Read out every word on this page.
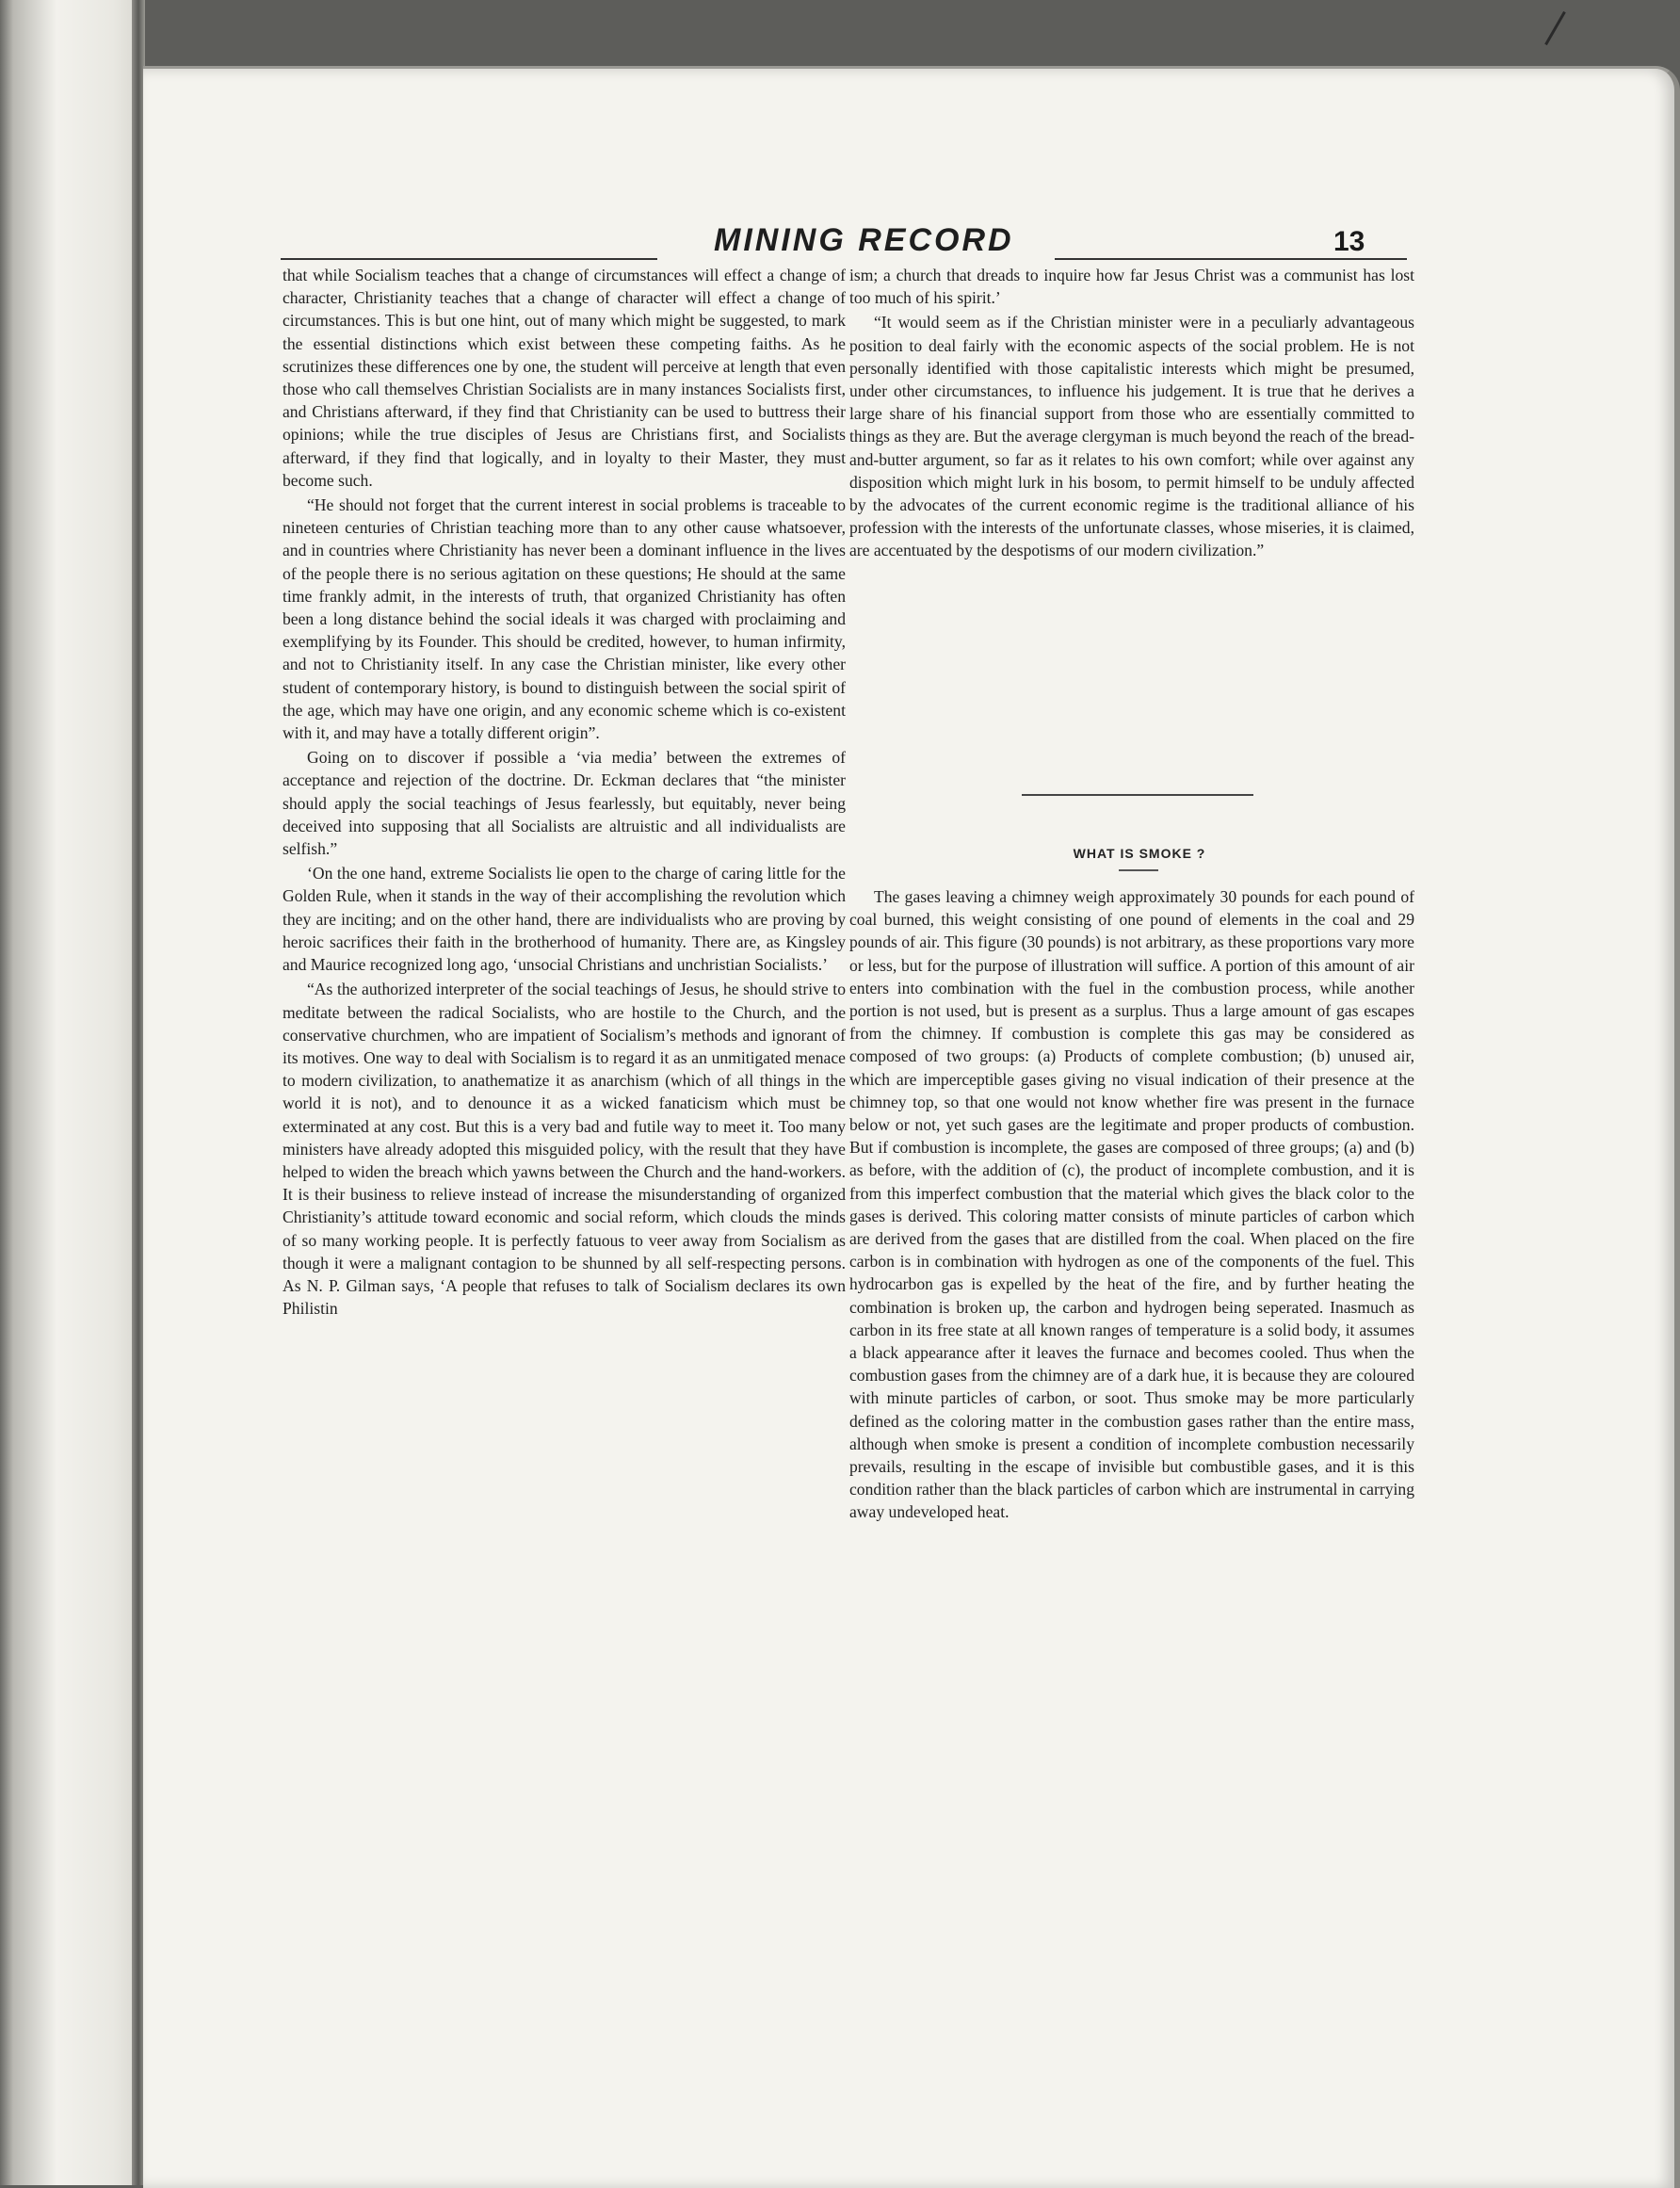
MINING RECORD	13

that while Socialism teaches that a change of circumstances will effect a change of character, Christianity teaches that a change of character will effect a change of circumstances. This is but one hint, out of many which might be suggested, to mark the essential distinctions which exist between these competing faiths. As he scrutinizes these differences one by one, the student will perceive at length that even those who call themselves Christian Socialists are in many instances Socialists first, and Christians afterward, if they find that Christianity can be used to buttress their opinions; while the true disciples of Jesus are Christians first, and Socialists afterward, if they find that logically, and in loyalty to their Master, they must become such.

“He should not forget that the current interest in social problems is traceable to nineteen centuries of Christian teaching more than to any other cause whatsoever, and in countries where Christianity has never been a dominant influence in the lives of the people there is no serious agitation on these questions; He should at the same time frankly admit, in the interests of truth, that organized Christianity has often been a long distance behind the social ideals it was charged with proclaiming and exemplifying by its Founder. This should be credited, however, to human infirmity, and not to Christianity itself. In any case the Christian minister, like every other student of contemporary history, is bound to distinguish between the social spirit of the age, which may have one origin, and any economic scheme which is co-existent with it, and may have a totally different origin”.

Going on to discover if possible a ‘via media’ between the extremes of acceptance and rejection of the doctrine. Dr. Eckman declares that “the minister should apply the social teachings of Jesus fearlessly, but equitably, never being deceived into supposing that all Socialists are altruistic and all individualists are selfish.”

‘On the one hand, extreme Socialists lie open to the charge of caring little for the Golden Rule, when it stands in the way of their accomplishing the revolution which they are inciting; and on the other hand, there are individualists who are proving by heroic sacrifices their faith in the brotherhood of humanity. There are, as Kingsley and Maurice recognized long ago, ‘unsocial Christians and unchristian Socialists.’

“As the authorized interpreter of the social teachings of Jesus, he should strive to meditate between the radical Socialists, who are hostile to the Church, and the conservative churchmen, who are impatient of Socialism’s methods and ignorant of its motives. One way to deal with Socialism is to regard it as an unmitigated menace to modern civilization, to anathematize it as anarchism (which of all things in the world it is not), and to denounce it as a wicked fanaticism which must be exterminated at any cost. But this is a very bad and futile way to meet it. Too many ministers have already adopted this misguided policy, with the result that they have helped to widen the breach which yawns between the Church and the hand-workers. It is their business to relieve instead of increase the misunderstanding of organized Christianity’s attitude toward economic and social reform, which clouds the minds of so many working people. It is perfectly fatuous to veer away from Socialism as though it were a malignant contagion to be shunned by all self-respecting persons. As N. P. Gilman says, ‘A people that refuses to talk of Socialism declares its own Philistin

ism; a church that dreads to inquire how far Jesus Christ was a communist has lost too much of his spirit.’

“It would seem as if the Christian minister were in a peculiarly advantageous position to deal fairly with the economic aspects of the social problem. He is not personally identified with those capitalistic interests which might be presumed, under other circumstances, to influence his judgement. It is true that he derives a large share of his financial support from those who are essentially committed to things as they are. But the average clergyman is much beyond the reach of the bread-and-butter argument, so far as it relates to his own comfort; while over against any disposition which might lurk in his bosom, to permit himself to be unduly affected by the advocates of the current economic regime is the traditional alliance of his profession with the interests of the unfortunate classes, whose miseries, it is claimed, are accentuated by the despotisms of our modern civilization.”

WHAT IS SMOKE ?

The gases leaving a chimney weigh approximately 30 pounds for each pound of coal burned, this weight consisting of one pound of elements in the coal and 29 pounds of air. This figure (30 pounds) is not arbitrary, as these proportions vary more or less, but for the purpose of illustration will suffice. A portion of this amount of air enters into combination with the fuel in the combustion process, while another portion is not used, but is present as a surplus. Thus a large amount of gas escapes from the chimney. If combustion is complete this gas may be considered as composed of two groups: (a) Products of complete combustion; (b) unused air, which are imperceptible gases giving no visual indication of their presence at the chimney top, so that one would not know whether fire was present in the furnace below or not, yet such gases are the legitimate and proper products of combustion. But if combustion is incomplete, the gases are composed of three groups; (a) and (b) as before, with the addition of (c), the product of incomplete combustion, and it is from this imperfect combustion that the material which gives the black color to the gases is derived. This coloring matter consists of minute particles of carbon which are derived from the gases that are distilled from the coal. When placed on the fire carbon is in combination with hydrogen as one of the components of the fuel. This hydrocarbon gas is expelled by the heat of the fire, and by further heating the combination is broken up, the carbon and hydrogen being seperated. Inasmuch as carbon in its free state at all known ranges of temperature is a solid body, it assumes a black appearance after it leaves the furnace and becomes cooled. Thus when the combustion gases from the chimney are of a dark hue, it is because they are coloured with minute particles of carbon, or soot. Thus smoke may be more particularly defined as the coloring matter in the combustion gases rather than the entire mass, although when smoke is present a condition of incomplete combustion necessarily prevails, resulting in the escape of invisible but combustible gases, and it is this condition rather than the black particles of carbon which are instrumental in carrying away undeveloped heat.
